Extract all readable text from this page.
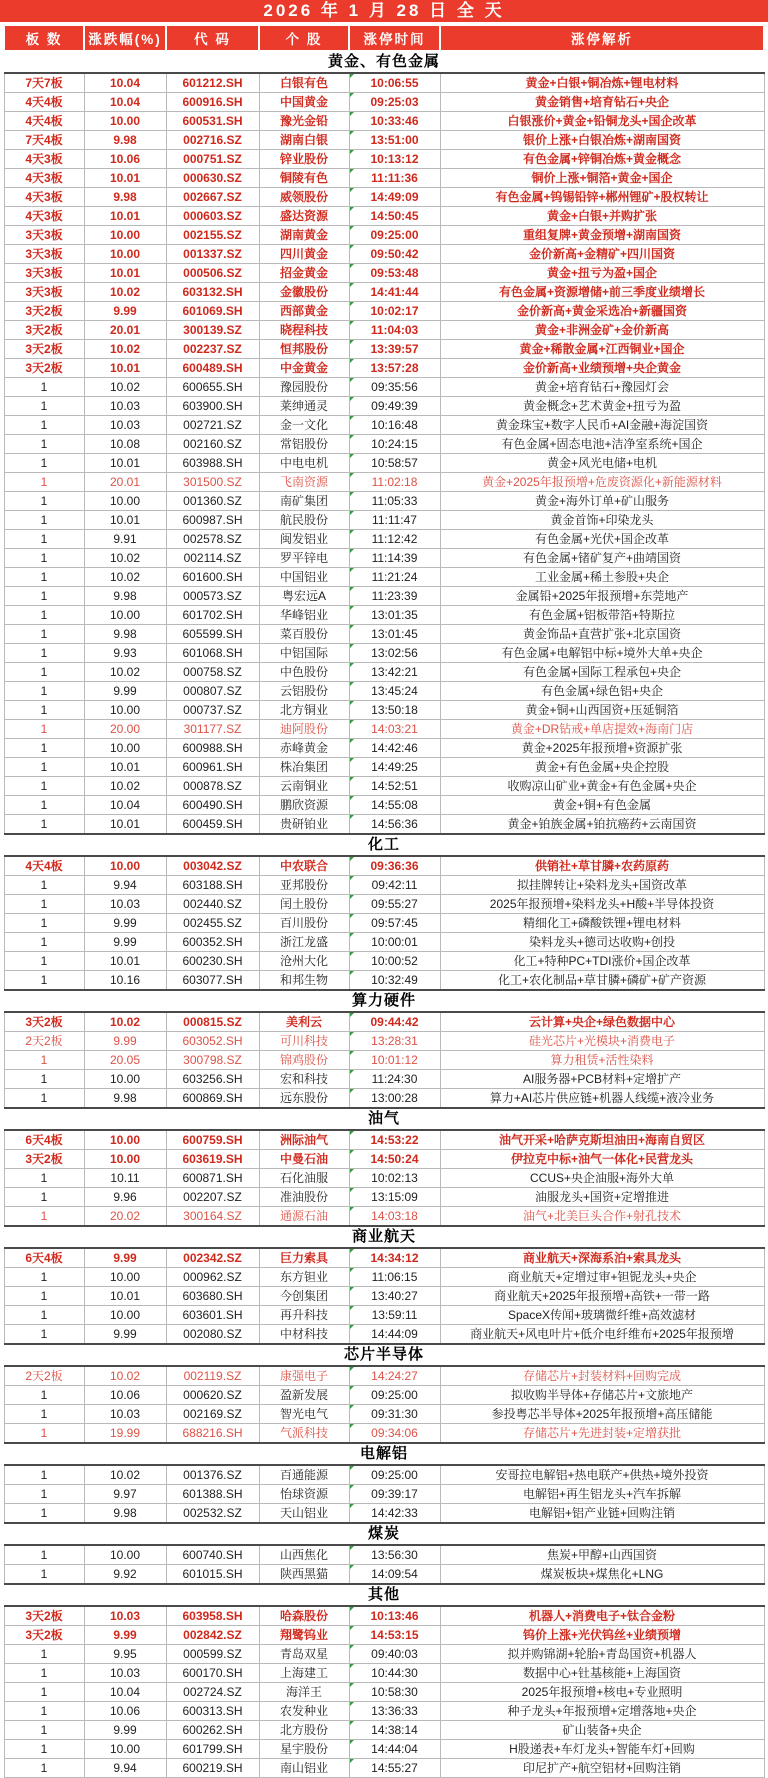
2026 年 1 月 28 日 全 天
板 数	涨跌幅(%)	代 码	个 股	涨停时间	涨停解析
黄金、有色金属					
7天7板	10.04	601212.SH	白银有色	10:06:55	黄金+白银+铜冶炼+锂电材料
4天4板	10.04	600916.SH	中国黄金	09:25:03	黄金销售+培育钻石+央企
4天4板	10.00	600531.SH	豫光金铅	10:33:46	白银涨价+黄金+铅铜龙头+国企改革
7天4板	9.98	002716.SZ	湖南白银	13:51:00	银价上涨+白银冶炼+湖南国资
4天3板	10.06	000751.SZ	锌业股份	10:13:12	有色金属+锌铜冶炼+黄金概念
4天3板	10.01	000630.SZ	铜陵有色	11:11:36	铜价上涨+铜箔+黄金+国企
4天3板	9.98	002667.SZ	威领股份	14:49:09	有色金属+钨锡铅锌+郴州锂矿+股权转让
4天3板	10.01	000603.SZ	盛达资源	14:50:45	黄金+白银+并购扩张
3天3板	10.00	002155.SZ	湖南黄金	09:25:00	重组复牌+黄金预增+湖南国资
3天3板	10.00	001337.SZ	四川黄金	09:50:42	金价新高+金精矿+四川国资
3天3板	10.01	000506.SZ	招金黄金	09:53:48	黄金+扭亏为盈+国企
3天3板	10.02	603132.SH	金徽股份	14:41:44	有色金属+资源增储+前三季度业绩增长
3天2板	9.99	601069.SH	西部黄金	10:02:17	金价新高+黄金采选冶+新疆国资
3天2板	20.01	300139.SZ	晓程科技	11:04:03	黄金+非洲金矿+金价新高
3天2板	10.02	002237.SZ	恒邦股份	13:39:57	黄金+稀散金属+江西铜业+国企
3天2板	10.01	600489.SH	中金黄金	13:57:28	金价新高+业绩预增+央企黄金
1	10.02	600655.SH	豫园股份	09:35:56	黄金+培育钻石+豫园灯会
1	10.03	603900.SH	莱绅通灵	09:49:39	黄金概念+艺术黄金+扭亏为盈
1	10.03	002721.SZ	金一文化	10:16:48	黄金珠宝+数字人民币+AI金融+海淀国资
1	10.08	002160.SZ	常铝股份	10:24:15	有色金属+固态电池+洁净室系统+国企
1	10.01	603988.SH	中电电机	10:58:57	黄金+风光电储+电机
1	20.01	301500.SZ	飞南资源	11:02:18	黄金+2025年报预增+危废资源化+新能源材料
1	10.00	001360.SZ	南矿集团	11:05:33	黄金+海外订单+矿山服务
1	10.01	600987.SH	航民股份	11:11:47	黄金首饰+印染龙头
1	9.91	002578.SZ	闽发铝业	11:12:42	有色金属+光伏+国企改革
1	10.02	002114.SZ	罗平锌电	11:14:39	有色金属+锗矿复产+曲靖国资
1	10.02	601600.SH	中国铝业	11:21:24	工业金属+稀土参股+央企
1	9.98	000573.SZ	粤宏远A	11:23:39	金属铅+2025年报预增+东莞地产
1	10.00	601702.SH	华峰铝业	13:01:35	有色金属+铝板带箔+特斯拉
1	9.98	605599.SH	菜百股份	13:01:45	黄金饰品+直营扩张+北京国资
1	9.93	601068.SH	中铝国际	13:02:56	有色金属+电解铝中标+境外大单+央企
1	10.02	000758.SZ	中色股份	13:42:21	有色金属+国际工程承包+央企
1	9.99	000807.SZ	云铝股份	13:45:24	有色金属+绿色铝+央企
1	10.00	000737.SZ	北方铜业	13:50:18	黄金+铜+山西国资+压延铜箔
1	20.00	301177.SZ	迪阿股份	14:03:21	黄金+DR钻戒+单店提效+海南门店
1	10.00	600988.SH	赤峰黄金	14:42:46	黄金+2025年报预增+资源扩张
1	10.01	600961.SH	株冶集团	14:49:25	黄金+有色金属+央企控股
1	10.02	000878.SZ	云南铜业	14:52:51	收购凉山矿业+黄金+有色金属+央企
1	10.04	600490.SH	鹏欣资源	14:55:08	黄金+铜+有色金属
1	10.01	600459.SH	贵研铂业	14:56:36	黄金+铂族金属+铂抗癌药+云南国资
化工					
4天4板	10.00	003042.SZ	中农联合	09:36:36	供销社+草甘膦+农药原药
1	9.94	603188.SH	亚邦股份	09:42:11	拟挂牌转让+染料龙头+国资改革
1	10.03	002440.SZ	闰土股份	09:55:27	2025年报预增+染料龙头+H酸+半导体投资
1	9.99	002455.SZ	百川股份	09:57:45	精细化工+磷酸铁锂+锂电材料
1	9.99	600352.SH	浙江龙盛	10:00:01	染料龙头+德司达收购+创投
1	10.01	600230.SH	沧州大化	10:00:52	化工+特种PC+TDI涨价+国企改革
1	10.16	603077.SH	和邦生物	10:32:49	化工+农化制品+草甘膦+磷矿+矿产资源
算力硬件					
3天2板	10.02	000815.SZ	美利云	09:44:42	云计算+央企+绿色数据中心
2天2板	9.99	603052.SH	可川科技	13:28:31	硅光芯片+光模块+消费电子
1	20.05	300798.SZ	锦鸡股份	10:01:12	算力租赁+活性染料
1	10.00	603256.SH	宏和科技	11:24:30	AI服务器+PCB材料+定增扩产
1	9.98	600869.SH	远东股份	13:00:28	算力+AI芯片供应链+机器人线缆+液冷业务
油气					
6天4板	10.00	600759.SH	洲际油气	14:53:22	油气开采+哈萨克斯坦油田+海南自贸区
3天2板	10.00	603619.SH	中曼石油	14:50:24	伊拉克中标+油气一体化+民营龙头
1	10.11	600871.SH	石化油服	10:02:13	CCUS+央企油服+海外大单
1	9.96	002207.SZ	准油股份	13:15:09	油服龙头+国资+定增推进
1	20.02	300164.SZ	通源石油	14:03:18	油气+北美巨头合作+射孔技术
商业航天					
6天4板	9.99	002342.SZ	巨力索具	14:34:12	商业航天+深海系泊+索具龙头
1	10.00	000962.SZ	东方钽业	11:06:15	商业航天+定增过审+钽铌龙头+央企
1	10.01	603680.SH	今创集团	13:40:27	商业航天+2025年报预增+高铁+一带一路
1	10.00	603601.SH	再升科技	13:59:11	SpaceX传闻+玻璃微纤维+高效滤材
1	9.99	002080.SZ	中材科技	14:44:09	商业航天+风电叶片+低介电纤维布+2025年报预增
芯片半导体					
2天2板	10.02	002119.SZ	康强电子	14:24:27	存储芯片+封装材料+回购完成
1	10.06	000620.SZ	盈新发展	09:25:00	拟收购半导体+存储芯片+文旅地产
1	10.03	002169.SZ	智光电气	09:31:30	参投粤芯半导体+2025年报预增+高压储能
1	19.99	688216.SH	气派科技	09:34:06	存储芯片+先进封装+定增获批
电解铝					
1	10.02	001376.SZ	百通能源	09:25:00	安哥拉电解铝+热电联产+供热+境外投资
1	9.97	601388.SH	怡球资源	09:39:17	电解铝+再生铝龙头+汽车拆解
1	9.98	002532.SZ	天山铝业	14:42:33	电解铝+铝产业链+回购注销
煤炭					
1	10.00	600740.SH	山西焦化	13:56:30	焦炭+甲醇+山西国资
1	9.92	601015.SH	陕西黑猫	14:09:54	煤炭板块+煤焦化+LNG
其他					
3天2板	10.03	603958.SH	哈森股份	10:13:46	机器人+消费电子+钛合金粉
3天2板	9.99	002842.SZ	翔鹭钨业	14:53:15	钨价上涨+光伏钨丝+业绩预增
1	9.95	000599.SZ	青岛双星	09:40:03	拟并购锦湖+轮胎+青岛国资+机器人
1	10.03	600170.SH	上海建工	10:44:30	数据中心+钍基核能+上海国资
1	10.04	002724.SZ	海洋王	10:58:30	2025年报预增+核电+专业照明
1	10.06	600313.SH	农发种业	13:36:33	种子龙头+年报预增+定增落地+央企
1	9.99	600262.SH	北方股份	14:38:14	矿山装备+央企
1	10.00	601799.SH	星宇股份	14:44:04	H股递表+车灯龙头+智能车灯+回购
1	9.94	600219.SH	南山铝业	14:55:27	印尼扩产+航空铝材+回购注销
